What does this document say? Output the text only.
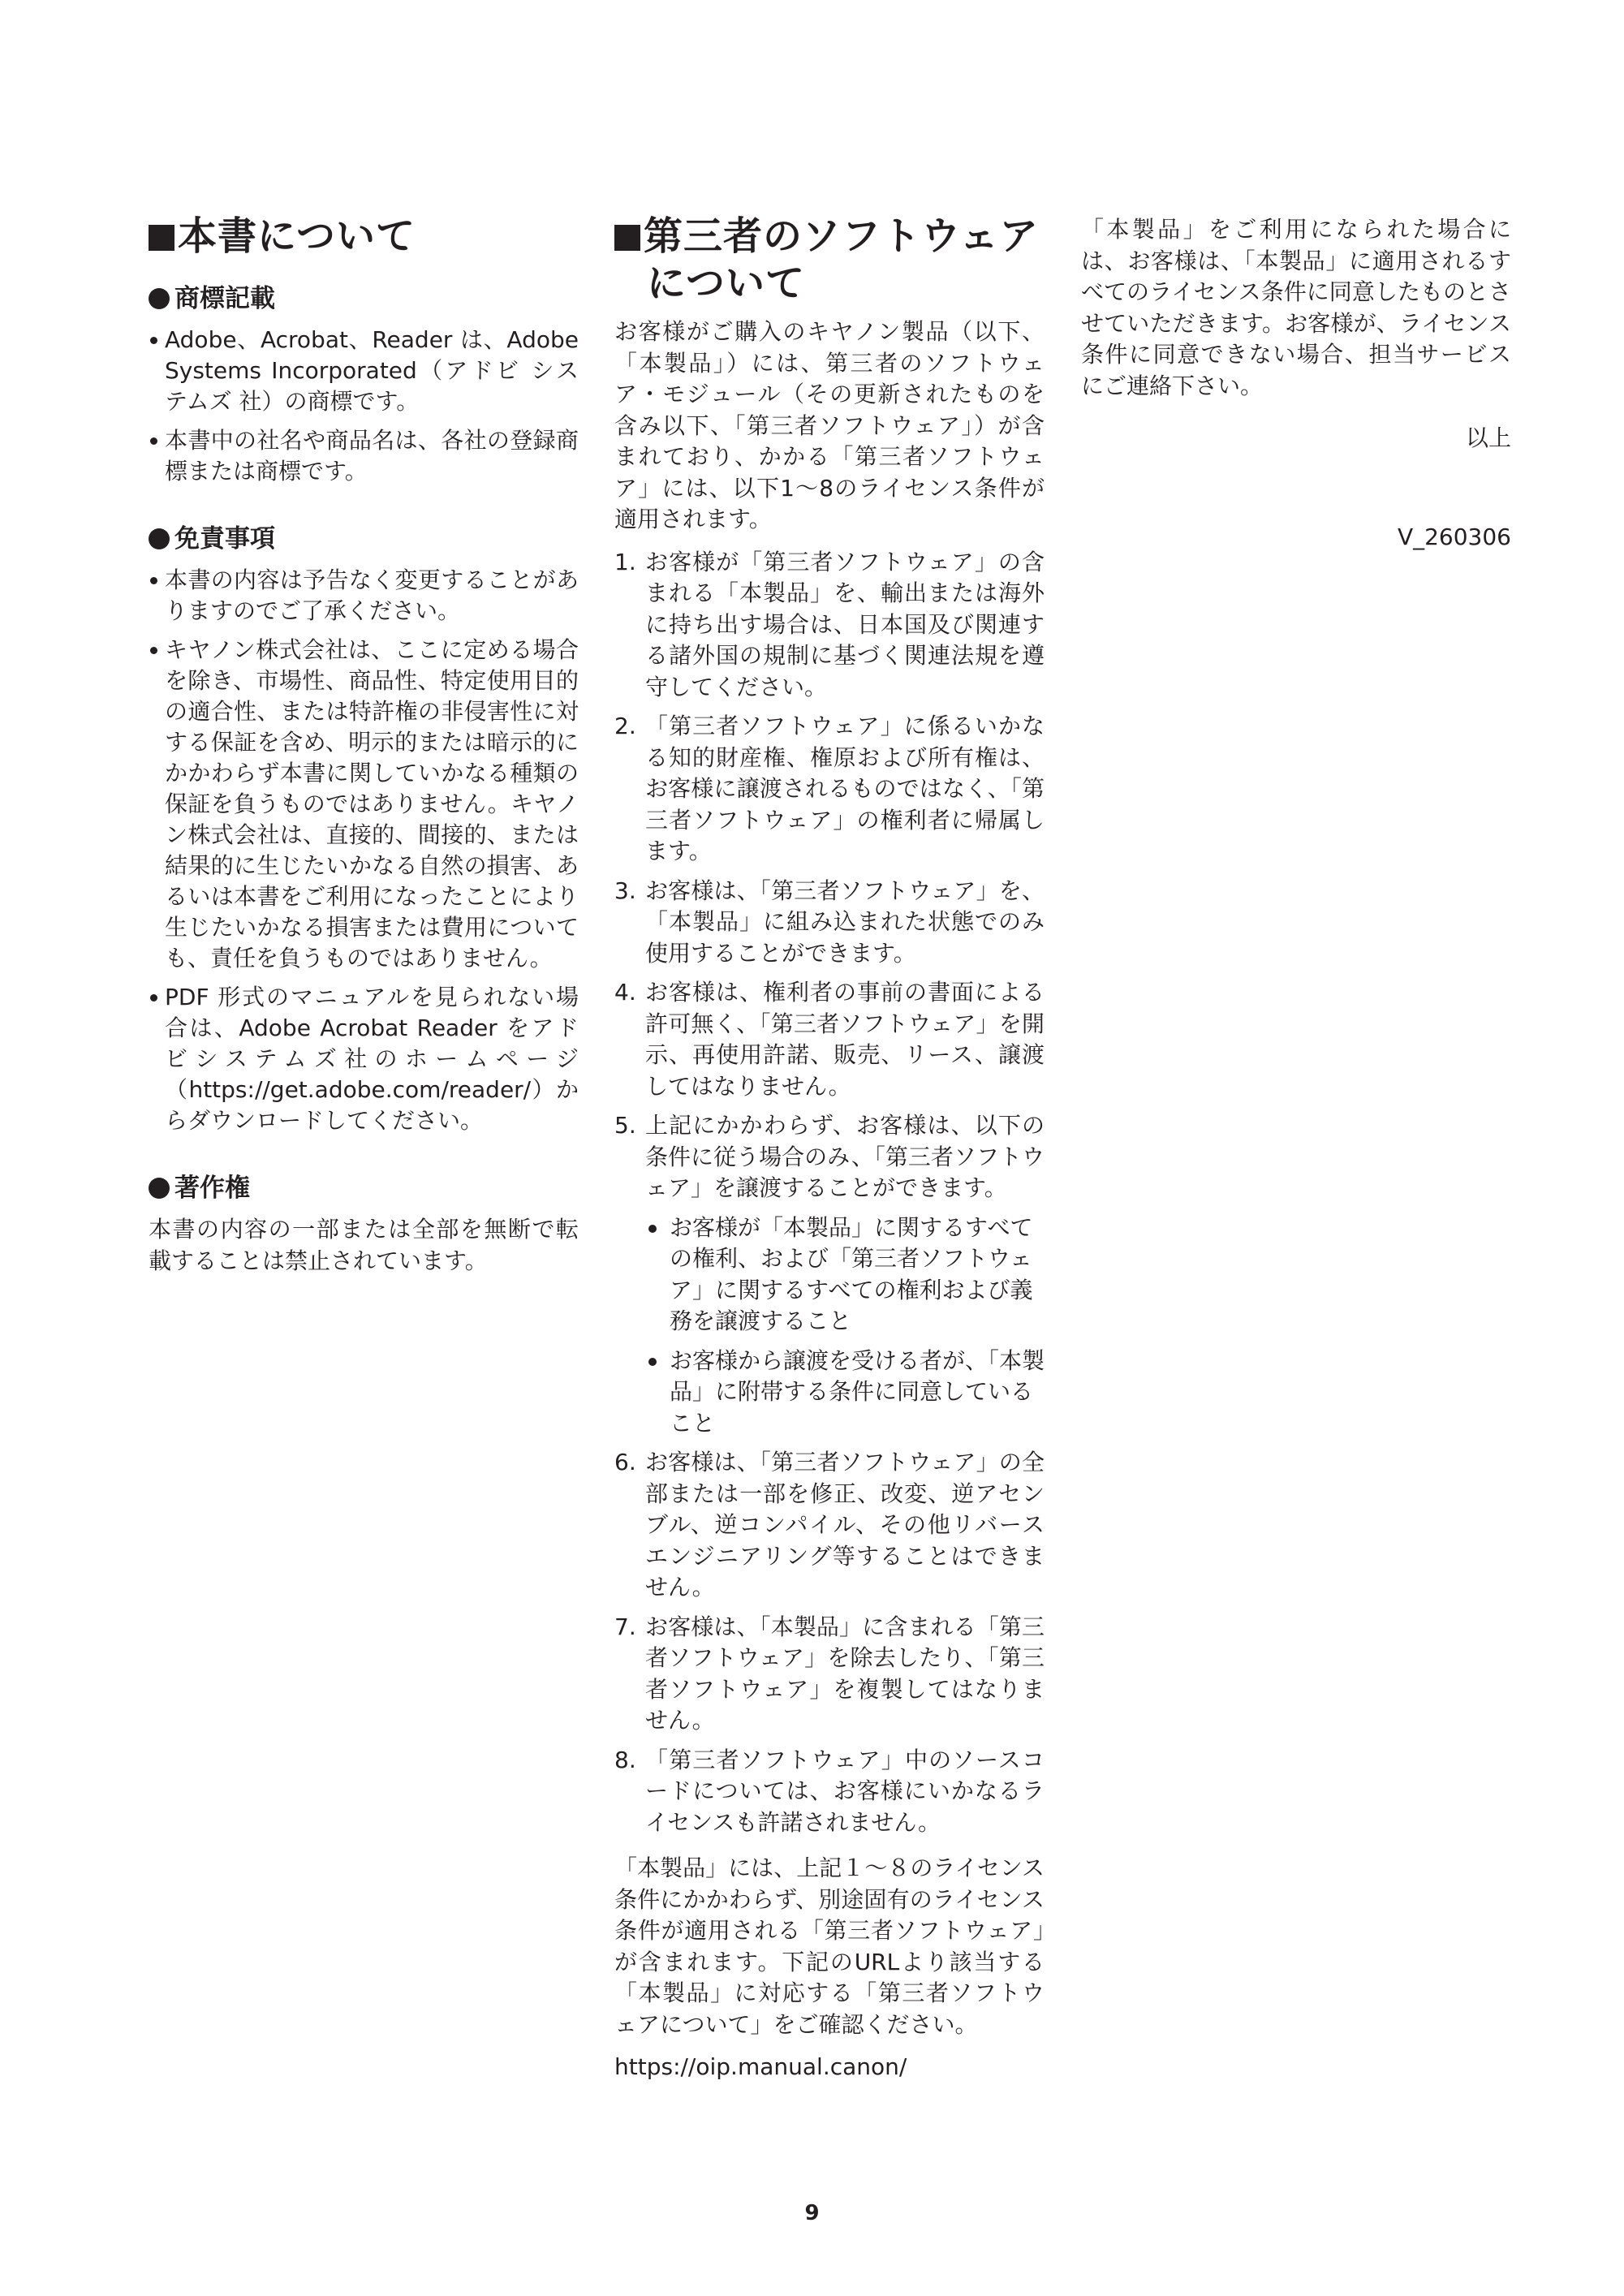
本書について
商標記載
Adobe、Acrobat、Reader は、Adobe Systems Incorporated（アドビ システムズ 社）の商標です。
本書中の社名や商品名は、各社の登録商標または商標です。
免責事項
本書の内容は予告なく変更することがありますのでご了承ください。
キヤノン株式会社は、ここに定める場合を除き、市場性、商品性、特定使用目的の適合性、または特許権の非侵害性に対する保証を含め、明示的または暗示的にかかわらず本書に関していかなる種類の保証を負うものではありません。キヤノン株式会社は、直接的、間接的、または結果的に生じたいかなる自然の損害、あるいは本書をご利用になったことにより生じたいかなる損害または費用についても、責任を負うものではありません。
PDF 形式のマニュアルを見られない場合は、Adobe Acrobat Reader をアドビシステムズ社のホームページ（https://get.adobe.com/reader/）からダウンロードしてください。
著作権
本書の内容の一部または全部を無断で転載することは禁止されています。
第三者のソフトウェアについて
お客様がご購入のキヤノン製品（以下、「本製品」）には、第三者のソフトウェア・モジュール（その更新されたものを含み以下、「第三者ソフトウェア」）が含まれており、かかる「第三者ソフトウェア」には、以下1～8のライセンス条件が適用されます。
1. お客様が「第三者ソフトウェア」の含まれる「本製品」を、輸出または海外に持ち出す場合は、日本国及び関連する諸外国の規制に基づく関連法規を遵守してください。
2. 「第三者ソフトウェア」に係るいかなる知的財産権、権原および所有権は、お客様に譲渡されるものではなく、「第三者ソフトウェア」の権利者に帰属します。
3. お客様は、「第三者ソフトウェア」を、「本製品」に組み込まれた状態でのみ使用することができます。
4. お客様は、権利者の事前の書面による許可無く、「第三者ソフトウェア」を開示、再使用許諾、販売、リース、譲渡してはなりません。
5. 上記にかかわらず、お客様は、以下の条件に従う場合のみ、「第三者ソフトウェア」を譲渡することができます。
お客様が「本製品」に関するすべての権利、および「第三者ソフトウェア」に関するすべての権利および義務を譲渡すること
お客様から譲渡を受ける者が、「本製品」に附帯する条件に同意していること
6. お客様は、「第三者ソフトウェア」の全部または一部を修正、改変、逆アセンブル、逆コンパイル、その他リバースエンジニアリング等することはできません。
7. お客様は、「本製品」に含まれる「第三者ソフトウェア」を除去したり、「第三者ソフトウェア」を複製してはなりません。
8. 「第三者ソフトウェア」中のソースコードについては、お客様にいかなるライセンスも許諾されません。
「本製品」には、上記１～８のライセンス条件にかかわらず、別途固有のライセンス条件が適用される「第三者ソフトウェア」が含まれます。下記のURLより該当する「本製品」に対応する「第三者ソフトウェアについて」をご確認ください。
https://oip.manual.canon/
「本製品」をご利用になられた場合には、お客様は、「本製品」に適用されるすべてのライセンス条件に同意したものとさせていただきます。お客様が、ライセンス条件に同意できない場合、担当サービスにご連絡下さい。
以上
V_260306
9
